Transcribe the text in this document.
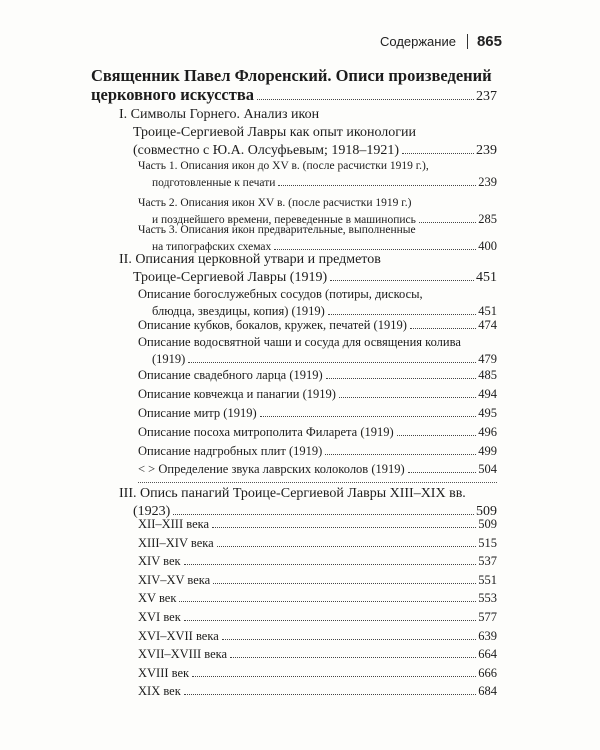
Содержание 865
Священник Павел Флоренский. Описи произведений
церковного искусства	237
I. Символы Горнего. Анализ икон
Троице-Сергиевой Лавры как опыт иконологии
(совместно с Ю.А. Олсуфьевым; 1918–1921)	239
Часть 1. Описания икон до XV в. (после расчистки 1919 г.),
подготовленные к печати	239
Часть 2. Описания икон XV в. (после расчистки 1919 г.)
и позднейшего времени, переведенные в машинопись	285
Часть 3. Описания икон предварительные, выполненные
на типографских схемах	400
II. Описания церковной утвари и предметов
Троице-Сергиевой Лавры (1919)	451
Описание богослужебных сосудов (потиры, дискосы,
блюдца, звездицы, копия) (1919)	451
Описание кубков, бокалов, кружек, печатей (1919)	474
Описание водосвятной чаши и сосуда для освящения колива
(1919)	479
Описание свадебного ларца (1919)	485
Описание ковчежца и панагии (1919)	494
Описание митр (1919)	495
Описание посоха митрополита Филарета (1919)	496
Описание надгробных плит (1919)	499
< > Определение звука лаврских колоколов (1919)	504
III. Опись панагий Троице-Сергиевой Лавры XIII–XIX вв.
(1923)	509
XII–XIII века	509
XIII–XIV века	515
XIV век	537
XIV–XV века	551
XV век	553
XVI век	577
XVI–XVII века	639
XVII–XVIII века	664
XVIII век	666
XIX век	684
